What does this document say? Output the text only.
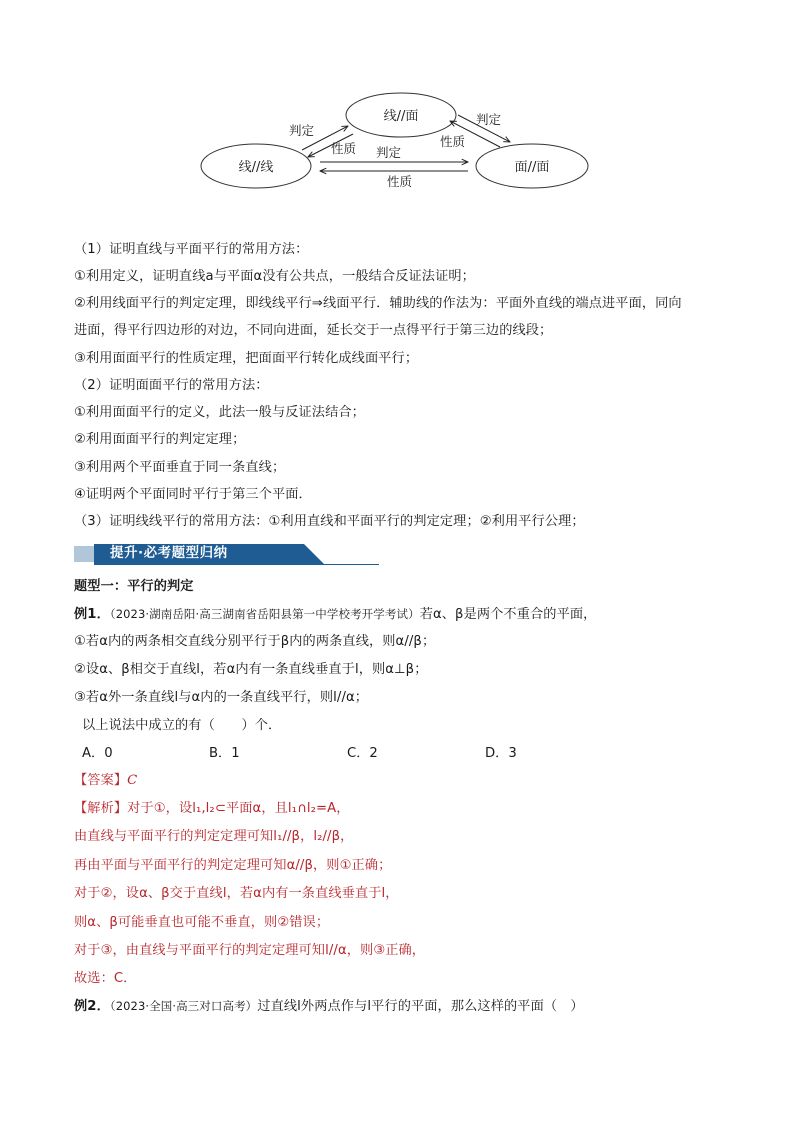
线//面
线//线	面//面
判定
性质
判定
性质
判定
性质
（1）证明直线与平面平行的常用方法：
①利用定义，证明直线a与平面α没有公共点，一般结合反证法证明；
②利用线面平行的判定定理，即线线平行⇒线面平行．辅助线的作法为：平面外直线的端点进平面，同向
进面，得平行四边形的对边，不同向进面，延长交于一点得平行于第三边的线段；
③利用面面平行的性质定理，把面面平行转化成线面平行；
（2）证明面面平行的常用方法：
①利用面面平行的定义，此法一般与反证法结合；
②利用面面平行的判定定理；
③利用两个平面垂直于同一条直线；
④证明两个平面同时平行于第三个平面．
（3）证明线线平行的常用方法：①利用直线和平面平行的判定定理；②利用平行公理；
提升·必考题型归纳
题型一：平行的判定
例1．（2023·湖南岳阳·高三湖南省岳阳县第一中学校考开学考试）若α、β是两个不重合的平面，
①若α内的两条相交直线分别平行于β内的两条直线，则α//β；
②设α、β相交于直线l，若α内有一条直线垂直于l，则α⊥β；
③若α外一条直线l与α内的一条直线平行，则l//α；
以上说法中成立的有（　　）个．
A．0	B．1	C．2	D．3
【答案】C
【解析】对于①，设l₁,l₂⊂平面α，且l₁∩l₂=A，
由直线与平面平行的判定定理可知l₁//β，l₂//β，
再由平面与平面平行的判定定理可知α//β，则①正确；
对于②，设α、β交于直线l，若α内有一条直线垂直于l，
则α、β可能垂直也可能不垂直，则②错误；
对于③，由直线与平面平行的判定定理可知l//α，则③正确，
故选：C．
例2．（2023·全国·高三对口高考）过直线l外两点作与l平行的平面，那么这样的平面（　）
